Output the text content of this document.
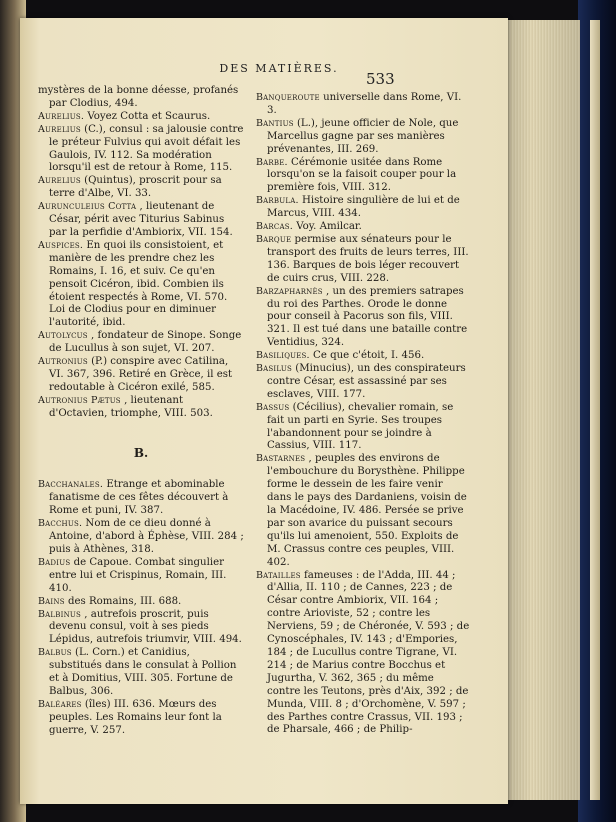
DES MATIÈRES.
533

mystères de la bonne déesse, profanés par Clodius, 494.

Aurelius. Voyez Cotta et Scaurus.

Aurelius (C.), consul : sa jalousie contre le préteur Fulvius qui avoit défait les Gaulois, IV. 112. Sa modération lorsqu'il est de retour à Rome, 115.

Aurelius (Quintus), proscrit pour sa terre d'Albe, VI. 33.

Aurunculeius Cotta , lieutenant de César, périt avec Titurius Sabinus par la perfidie d'Ambiorix, VII. 154.

Auspices. En quoi ils consistoient, et manière de les prendre chez les Romains, I. 16, et suiv. Ce qu'en pensoit Cicéron, ibid. Combien ils étoient respectés à Rome, VI. 570. Loi de Clodius pour en diminuer l'autorité, ibid.

Autolycus , fondateur de Sinope. Songe de Lucullus à son sujet, VI. 207.

Autronius (P.) conspire avec Catilina, VI. 367, 396. Retiré en Grèce, il est redoutable à Cicéron exilé, 585.

Autronius Pætus , lieutenant d'Octavien, triomphe, VIII. 503.

B.

Bacchanales. Etrange et abominable fanatisme de ces fêtes découvert à Rome et puni, IV. 387.

Bacchus. Nom de ce dieu donné à Antoine, d'abord à Éphèse, VIII. 284 ; puis à Athènes, 318.

Badius de Capoue. Combat singulier entre lui et Crispinus, Romain, III. 410.

Bains des Romains, III. 688.

Balbinus , autrefois proscrit, puis devenu consul, voit à ses pieds Lépidus, autrefois triumvir, VIII. 494.

Balbus (L. Corn.) et Canidius, substitués dans le consulat à Pollion et à Domitius, VIII. 305. Fortune de Balbus, 306.

Baléares (îles) III. 636. Mœurs des peuples. Les Romains leur font la guerre, V. 257.

Banqueroute universelle dans Rome, VI. 3.

Bantius (L.), jeune officier de Nole, que Marcellus gagne par ses manières prévenantes, III. 269.

Barbe. Cérémonie usitée dans Rome lorsqu'on se la faisoit couper pour la première fois, VIII. 312.

Barbula. Histoire singulière de lui et de Marcus, VIII. 434.

Barcas. Voy. Amilcar.

Barque permise aux sénateurs pour le transport des fruits de leurs terres, III. 136. Barques de bois léger recouvert de cuirs crus, VIII. 228.

Barzapharnès , un des premiers satrapes du roi des Parthes. Orode le donne pour conseil à Pacorus son fils, VIII. 321. Il est tué dans une bataille contre Ventidius, 324.

Basiliques. Ce que c'étoit, I. 456.

Basilus (Minucius), un des conspirateurs contre César, est assassiné par ses esclaves, VIII. 177.

Bassus (Cécilius), chevalier romain, se fait un parti en Syrie. Ses troupes l'abandonnent pour se joindre à Cassius, VIII. 117.

Bastarnes , peuples des environs de l'embouchure du Borysthène. Philippe forme le dessein de les faire venir dans le pays des Dardaniens, voisin de la Macédoine, IV. 486. Persée se prive par son avarice du puissant secours qu'ils lui amenoient, 550. Exploits de M. Crassus contre ces peuples, VIII. 402.

Batailles fameuses : de l'Adda, III. 44 ; d'Allia, II. 110 ; de Cannes, 223 ; de César contre Ambiorix, VII. 164 ; contre Arioviste, 52 ; contre les Nerviens, 59 ; de Chéronée, V. 593 ; de Cynoscéphales, IV. 143 ; d'Empories, 184 ; de Lucullus contre Tigrane, VI. 214 ; de Marius contre Bocchus et Jugurtha, V. 362, 365 ; du même contre les Teutons, près d'Aix, 392 ; de Munda, VIII. 8 ; d'Orchomène, V. 597 ; des Parthes contre Crassus, VII. 193 ; de Pharsale, 466 ; de Philip-
